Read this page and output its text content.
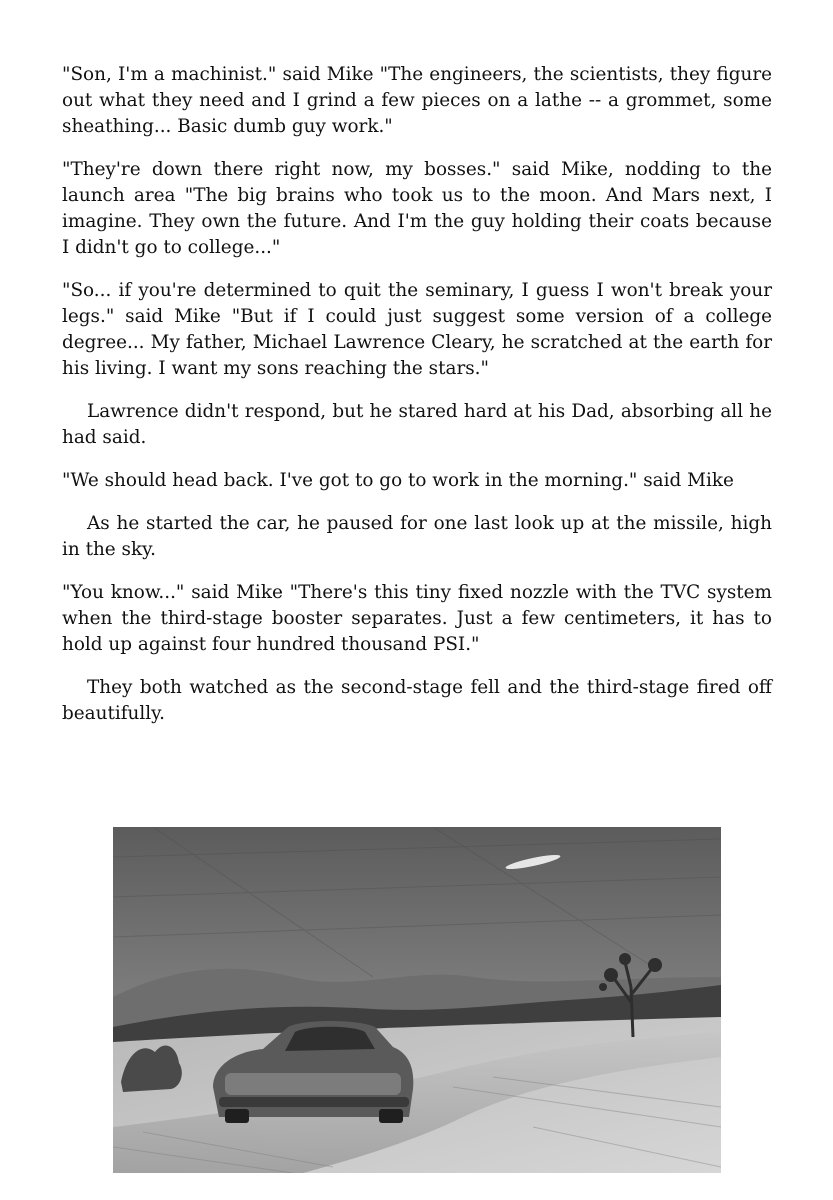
"Son, I'm a machinist." said Mike "The engineers, the scientists, they figure out what they need and I grind a few pieces on a lathe -- a grommet, some sheathing... Basic dumb guy work."

"They're down there right now, my bosses." said Mike, nodding to the launch area "The big brains who took us to the moon. And Mars next, I imagine. They own the future. And I'm the guy holding their coats because I didn't go to college..."

"So... if you're determined to quit the seminary, I guess I won't break your legs." said Mike "But if I could just suggest some version of a college degree... My father, Michael Lawrence Cleary, he scratched at the earth for his living. I want my sons reaching the stars."

Lawrence didn't respond, but he stared hard at his Dad, absorbing all he had said.

"We should head back. I've got to go to work in the morning." said Mike

As he started the car, he paused for one last look up at the missile, high in the sky.

"You know..." said Mike "There's this tiny fixed nozzle with the TVC system when the third-stage booster separates. Just a few centimeters, it has to hold up against four hundred thousand PSI."

They both watched as the second-stage fell and the third-stage fired off beautifully.
